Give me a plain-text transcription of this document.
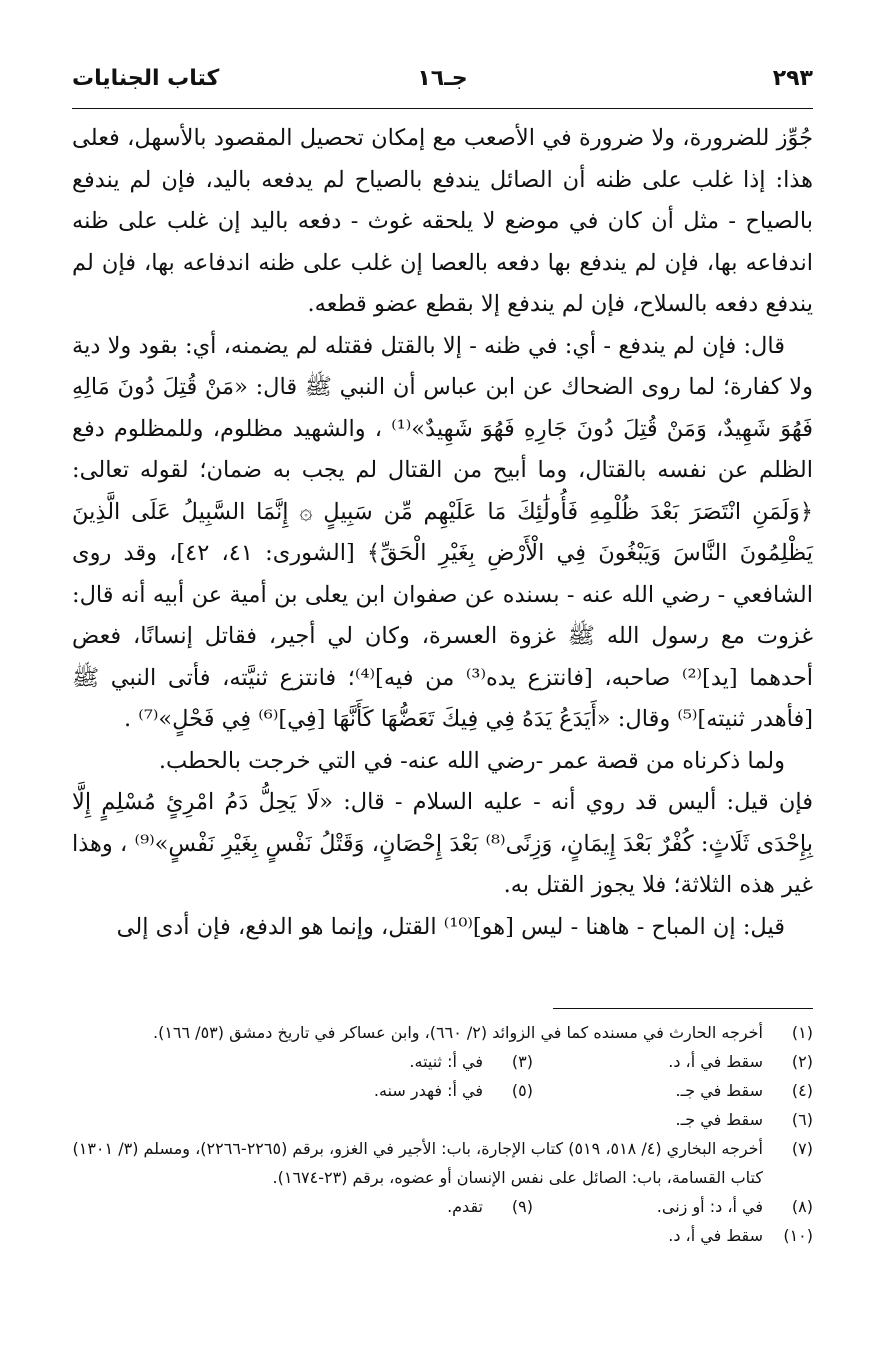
٢٩٣
جـ١٦
كتاب الجنايات

جُوِّز للضرورة، ولا ضرورة في الأصعب مع إمكان تحصيل المقصود بالأسهل، فعلى هذا: إذا غلب على ظنه أن الصائل يندفع بالصياح لم يدفعه باليد، فإن لم يندفع بالصياح - مثل أن كان في موضع لا يلحقه غوث - دفعه باليد إن غلب على ظنه اندفاعه بها، فإن لم يندفع بها دفعه بالعصا إن غلب على ظنه اندفاعه بها، فإن لم يندفع دفعه بالسلاح، فإن لم يندفع إلا بقطع عضو قطعه.

قال: فإن لم يندفع - أي: في ظنه - إلا بالقتل فقتله لم يضمنه، أي: بقود ولا دية ولا كفارة؛ لما روى الضحاك عن ابن عباس أن النبي ﷺ قال: «مَنْ قُتِلَ دُونَ مَالِهِ فَهُوَ شَهِيدٌ، وَمَنْ قُتِلَ دُونَ جَارِهِ فَهُوَ شَهِيدٌ»⁽¹⁾ ، والشهيد مظلوم، وللمظلوم دفع الظلم عن نفسه بالقتال، وما أبيح من القتال لم يجب به ضمان؛ لقوله تعالى: ﴿وَلَمَنِ انْتَصَرَ بَعْدَ ظُلْمِهِ فَأُولَٰئِكَ مَا عَلَيْهِم مِّن سَبِيلٍ ۞ إِنَّمَا السَّبِيلُ عَلَى الَّذِينَ يَظْلِمُونَ النَّاسَ وَيَبْغُونَ فِي الْأَرْضِ بِغَيْرِ الْحَقِّ﴾ [الشورى: ٤١، ٤٢]، وقد روى الشافعي - رضي الله عنه - بسنده عن صفوان ابن يعلى بن أمية عن أبيه أنه قال: غزوت مع رسول الله ﷺ غزوة العسرة، وكان لي أجير، فقاتل إنسانًا، فعض أحدهما [يد]⁽²⁾ صاحبه، [فانتزع يده⁽³⁾ من فيه]⁽⁴⁾؛ فانتزع ثنيَّته، فأتى النبي ﷺ [فأهدر ثنيته]⁽⁵⁾ وقال: «أَيَدَعُ يَدَهُ فِي فِيكَ تَعَضُّهَا كَأَنَّهَا [فِي]⁽⁶⁾ فِي فَحْلٍ»⁽⁷⁾ .

ولما ذكرناه من قصة عمر -رضي الله عنه- في التي خرجت بالحطب.

فإن قيل: أليس قد روي أنه - عليه السلام - قال: «لَا يَحِلُّ دَمُ امْرِئٍ مُسْلِمٍ إِلَّا بِإِحْدَى ثَلَاثٍ: كُفْرٌ بَعْدَ إِيمَانٍ، وَزِنًى⁽⁸⁾ بَعْدَ إِحْصَانٍ، وَقَتْلُ نَفْسٍ بِغَيْرِ نَفْسٍ»⁽⁹⁾ ، وهذا غير هذه الثلاثة؛ فلا يجوز القتل به.

قيل: إن المباح - هاهنا - ليس [هو]⁽¹⁰⁾ القتل، وإنما هو الدفع، فإن أدى إلى

(١)
أخرجه الحارث في مسنده كما في الزوائد (٢/ ٦٦٠)، وابن عساكر في تاريخ دمشق (٥٣/ ١٦٦).
(٢)
سقط في أ، د.
(٣)
في أ: ثنيته.
(٤)
سقط في جـ.
(٥)
في أ: فهدر سنه.
(٦)
سقط في جـ.
(٧)
أخرجه البخاري (٤/ ٥١٨، ٥١٩) كتاب الإجارة، باب: الأجير في الغزو، برقم (٢٢٦٥-٢٢٦٦)، ومسلم (٣/ ١٣٠١) كتاب القسامة، باب: الصائل على نفس الإنسان أو عضوه، برقم (٢٣-١٦٧٤).
(٨)
في أ، د: أو زنى.
(٩)
تقدم.
(١٠)
سقط في أ، د.
